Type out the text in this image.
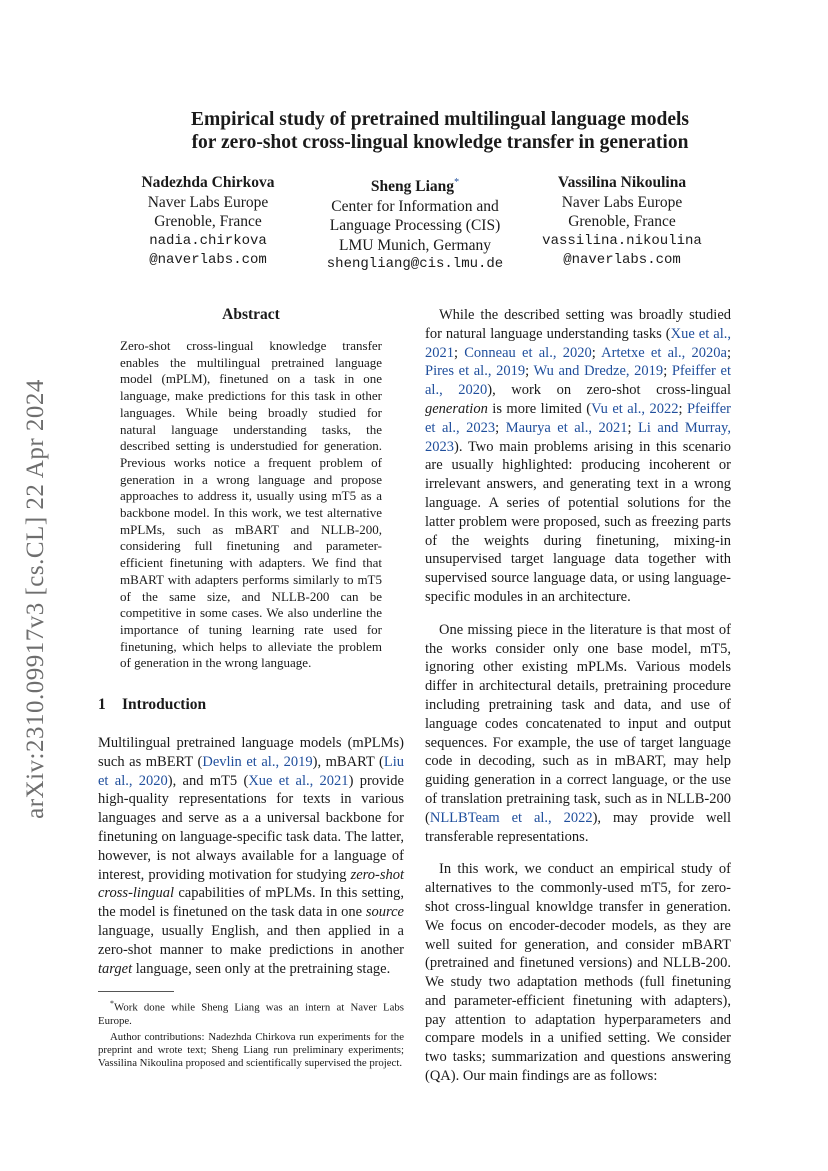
arXiv:2310.09917v3 [cs.CL] 22 Apr 2024
Empirical study of pretrained multilingual language models
for zero-shot cross-lingual knowledge transfer in generation
Nadezhda Chirkova
Naver Labs Europe
Grenoble, France
nadia.chirkova
@naverlabs.com
Sheng Liang*
Center for Information and
Language Processing (CIS)
LMU Munich, Germany
shengliang@cis.lmu.de
Vassilina Nikoulina
Naver Labs Europe
Grenoble, France
vassilina.nikoulina
@naverlabs.com
Abstract
Zero-shot cross-lingual knowledge transfer enables the multilingual pretrained language model (mPLM), finetuned on a task in one language, make predictions for this task in other languages. While being broadly studied for natural language understanding tasks, the described setting is understudied for generation. Previous works notice a frequent problem of generation in a wrong language and propose approaches to address it, usually using mT5 as a backbone model. In this work, we test alternative mPLMs, such as mBART and NLLB-200, considering full finetuning and parameter-efficient finetuning with adapters. We find that mBART with adapters performs similarly to mT5 of the same size, and NLLB-200 can be competitive in some cases. We also underline the importance of tuning learning rate used for finetuning, which helps to alleviate the problem of generation in the wrong language.
1 Introduction

Multilingual pretrained language models (mPLMs) such as mBERT (Devlin et al., 2019), mBART (Liu et al., 2020), and mT5 (Xue et al., 2021) provide high-quality representations for texts in various languages and serve as a a universal backbone for finetuning on language-specific task data. The latter, however, is not always available for a language of interest, providing motivation for studying zero-shot cross-lingual capabilities of mPLMs. In this setting, the model is finetuned on the task data in one source language, usually English, and then applied in a zero-shot manner to make predictions in another target language, seen only at the pretraining stage.

*Work done while Sheng Liang was an intern at Naver Labs Europe.

Author contributions: Nadezhda Chirkova run experiments for the preprint and wrote text; Sheng Liang run preliminary experiments; Vassilina Nikoulina proposed and scientifically supervised the project.

While the described setting was broadly studied for natural language understanding tasks (Xue et al., 2021; Conneau et al., 2020; Artetxe et al., 2020a; Pires et al., 2019; Wu and Dredze, 2019; Pfeiffer et al., 2020), work on zero-shot cross-lingual generation is more limited (Vu et al., 2022; Pfeiffer et al., 2023; Maurya et al., 2021; Li and Murray, 2023). Two main problems arising in this scenario are usually highlighted: producing incoherent or irrelevant answers, and generating text in a wrong language. A series of potential solutions for the latter problem were proposed, such as freezing parts of the weights during finetuning, mixing-in unsupervised target language data together with supervised source language data, or using language-specific modules in an architecture.

One missing piece in the literature is that most of the works consider only one base model, mT5, ignoring other existing mPLMs. Various models differ in architectural details, pretraining procedure including pretraining task and data, and use of language codes concatenated to input and output sequences. For example, the use of target language code in decoding, such as in mBART, may help guiding generation in a correct language, or the use of translation pretraining task, such as in NLLB-200 (NLLBTeam et al., 2022), may provide well transferable representations.

In this work, we conduct an empirical study of alternatives to the commonly-used mT5, for zero-shot cross-lingual knowldge transfer in generation. We focus on encoder-decoder models, as they are well suited for generation, and consider mBART (pretrained and finetuned versions) and NLLB-200. We study two adaptation methods (full finetuning and parameter-efficient finetuning with adapters), pay attention to adaptation hyperparameters and compare models in a unified setting. We consider two tasks; summarization and questions answering (QA). Our main findings are as follows:
